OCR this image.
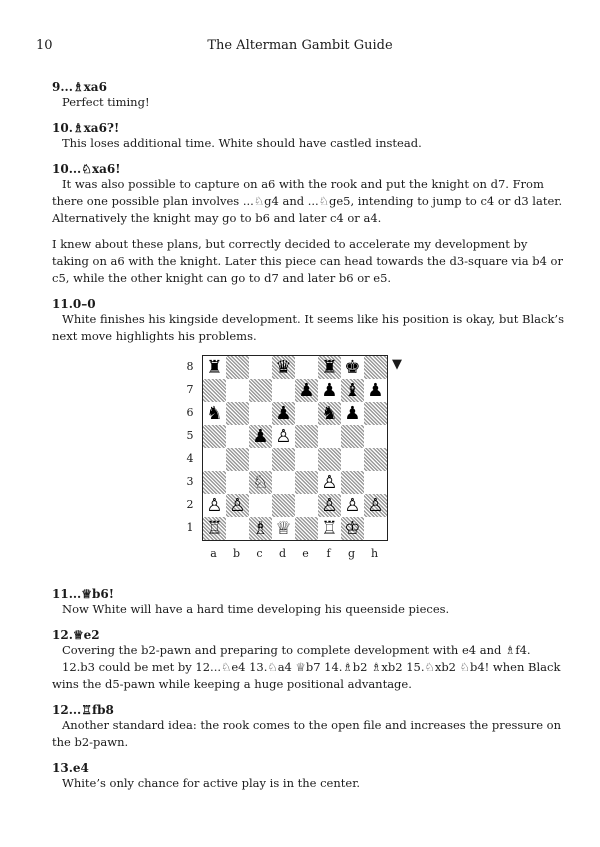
10	The Alterman Gambit Guide

9...♗xa6

Perfect timing!

10.♗xa6?!

This loses additional time. White should have castled instead.

10...♘xa6!

It was also possible to capture on a6 with the rook and put the knight on d7. From there one possible plan involves ...♘g4 and ...♘ge5, intending to jump to c4 or d3 later. Alternatively the knight may go to b6 and later c4 or a4.

I knew about these plans, but correctly decided to accelerate my development by taking on a6 with the knight. Later this piece can head towards the d3-square via b4 or c5, while the other knight can go to d7 and later b6 or e5.

11.0–0

White finishes his kingside development. It seems like his position is okay, but Black’s next move highlights his problems.

8
7
6
5
4
3
2
1
♜	♛ ♜ ♚
♟ ♟ ♝ ♟
♞	♟ ♞ ♟
♟ ♙
♘	♙
♙ ♙	♙ ♙ ♙
♖ ♗ ♕ ♖ ♔
▼
a	b	c	d	e	f	g	h

11...♕b6!

Now White will have a hard time developing his queenside pieces.

12.♕e2

Covering the b2-pawn and preparing to complete development with e4 and ♗f4.

12.b3 could be met by 12...♘e4 13.♘a4 ♕b7 14.♗b2 ♗xb2 15.♘xb2 ♘b4! when Black wins the d5-pawn while keeping a huge positional advantage.

12...♖fb8

Another standard idea: the rook comes to the open file and increases the pressure on the b2-pawn.

13.e4

White’s only chance for active play is in the center.
